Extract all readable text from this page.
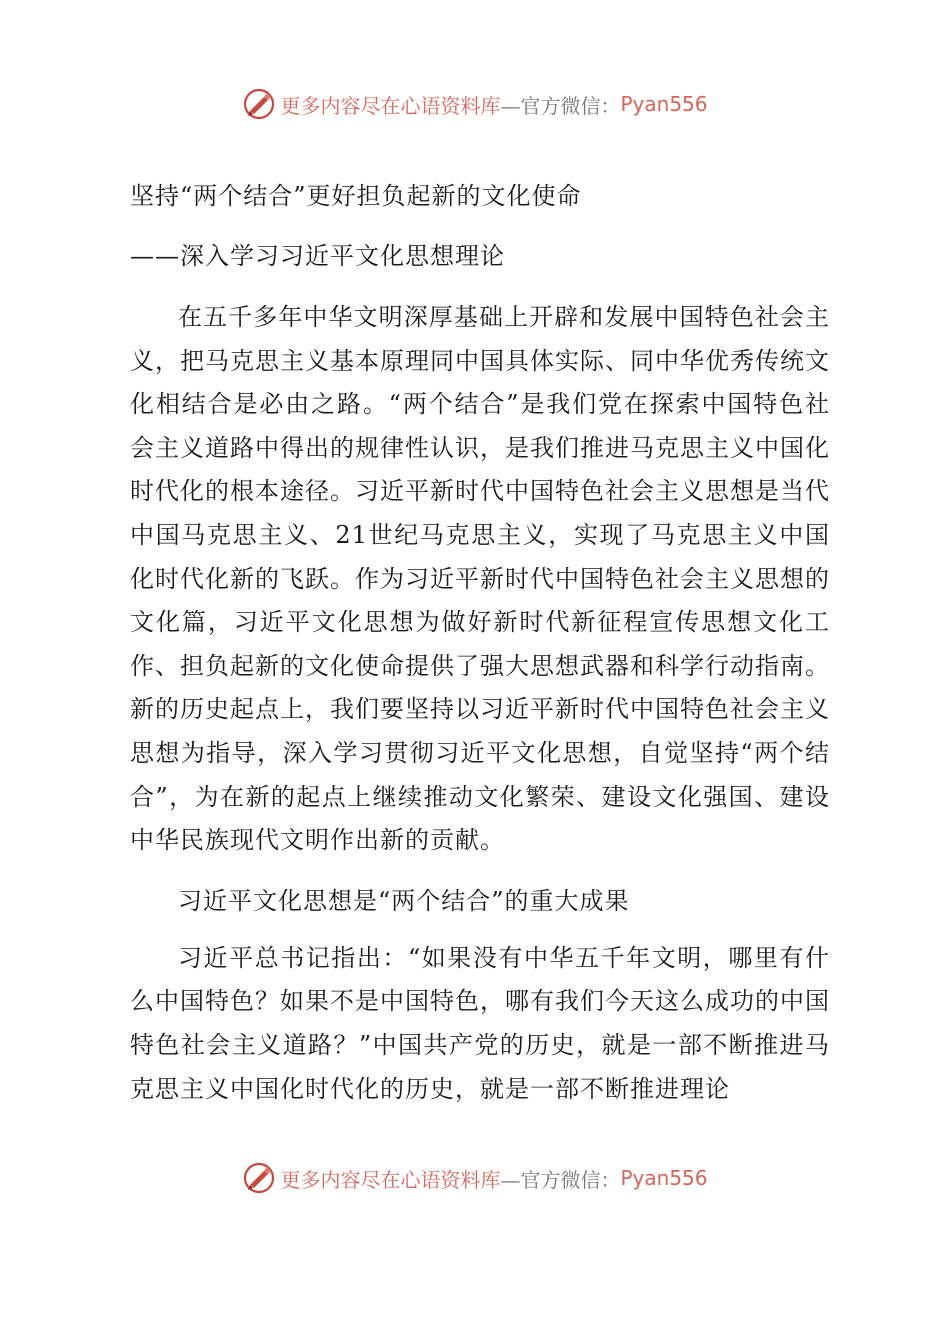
更多内容尽在心语资料库 —官方微信： Pyan556
坚持“两个结合”更好担负起新的文化使命
——深入学习习近平文化思想理论

在五千多年中华文明深厚基础上开辟和发展中国特色社会主义，把马克思主义基本原理同中国具体实际、同中华优秀传统文化相结合是必由之路。“两个结合”是我们党在探索中国特色社会主义道路中得出的规律性认识，是我们推进马克思主义中国化时代化的根本途径。习近平新时代中国特色社会主义思想是当代中国马克思主义、21世纪马克思主义，实现了马克思主义中国化时代化新的飞跃。作为习近平新时代中国特色社会主义思想的文化篇，习近平文化思想为做好新时代新征程宣传思想文化工作、担负起新的文化使命提供了强大思想武器和科学行动指南。新的历史起点上，我们要坚持以习近平新时代中国特色社会主义思想为指导，深入学习贯彻习近平文化思想，自觉坚持“两个结合”，为在新的起点上继续推动文化繁荣、建设文化强国、建设中华民族现代文明作出新的贡献。

习近平文化思想是“两个结合”的重大成果

习近平总书记指出：“如果没有中华五千年文明，哪里有什么中国特色？如果不是中国特色，哪有我们今天这么成功的中国特色社会主义道路？”中国共产党的历史，就是一部不断推进马克思主义中国化时代化的历史，就是一部不断推进理论

更多内容尽在心语资料库 —官方微信： Pyan556
